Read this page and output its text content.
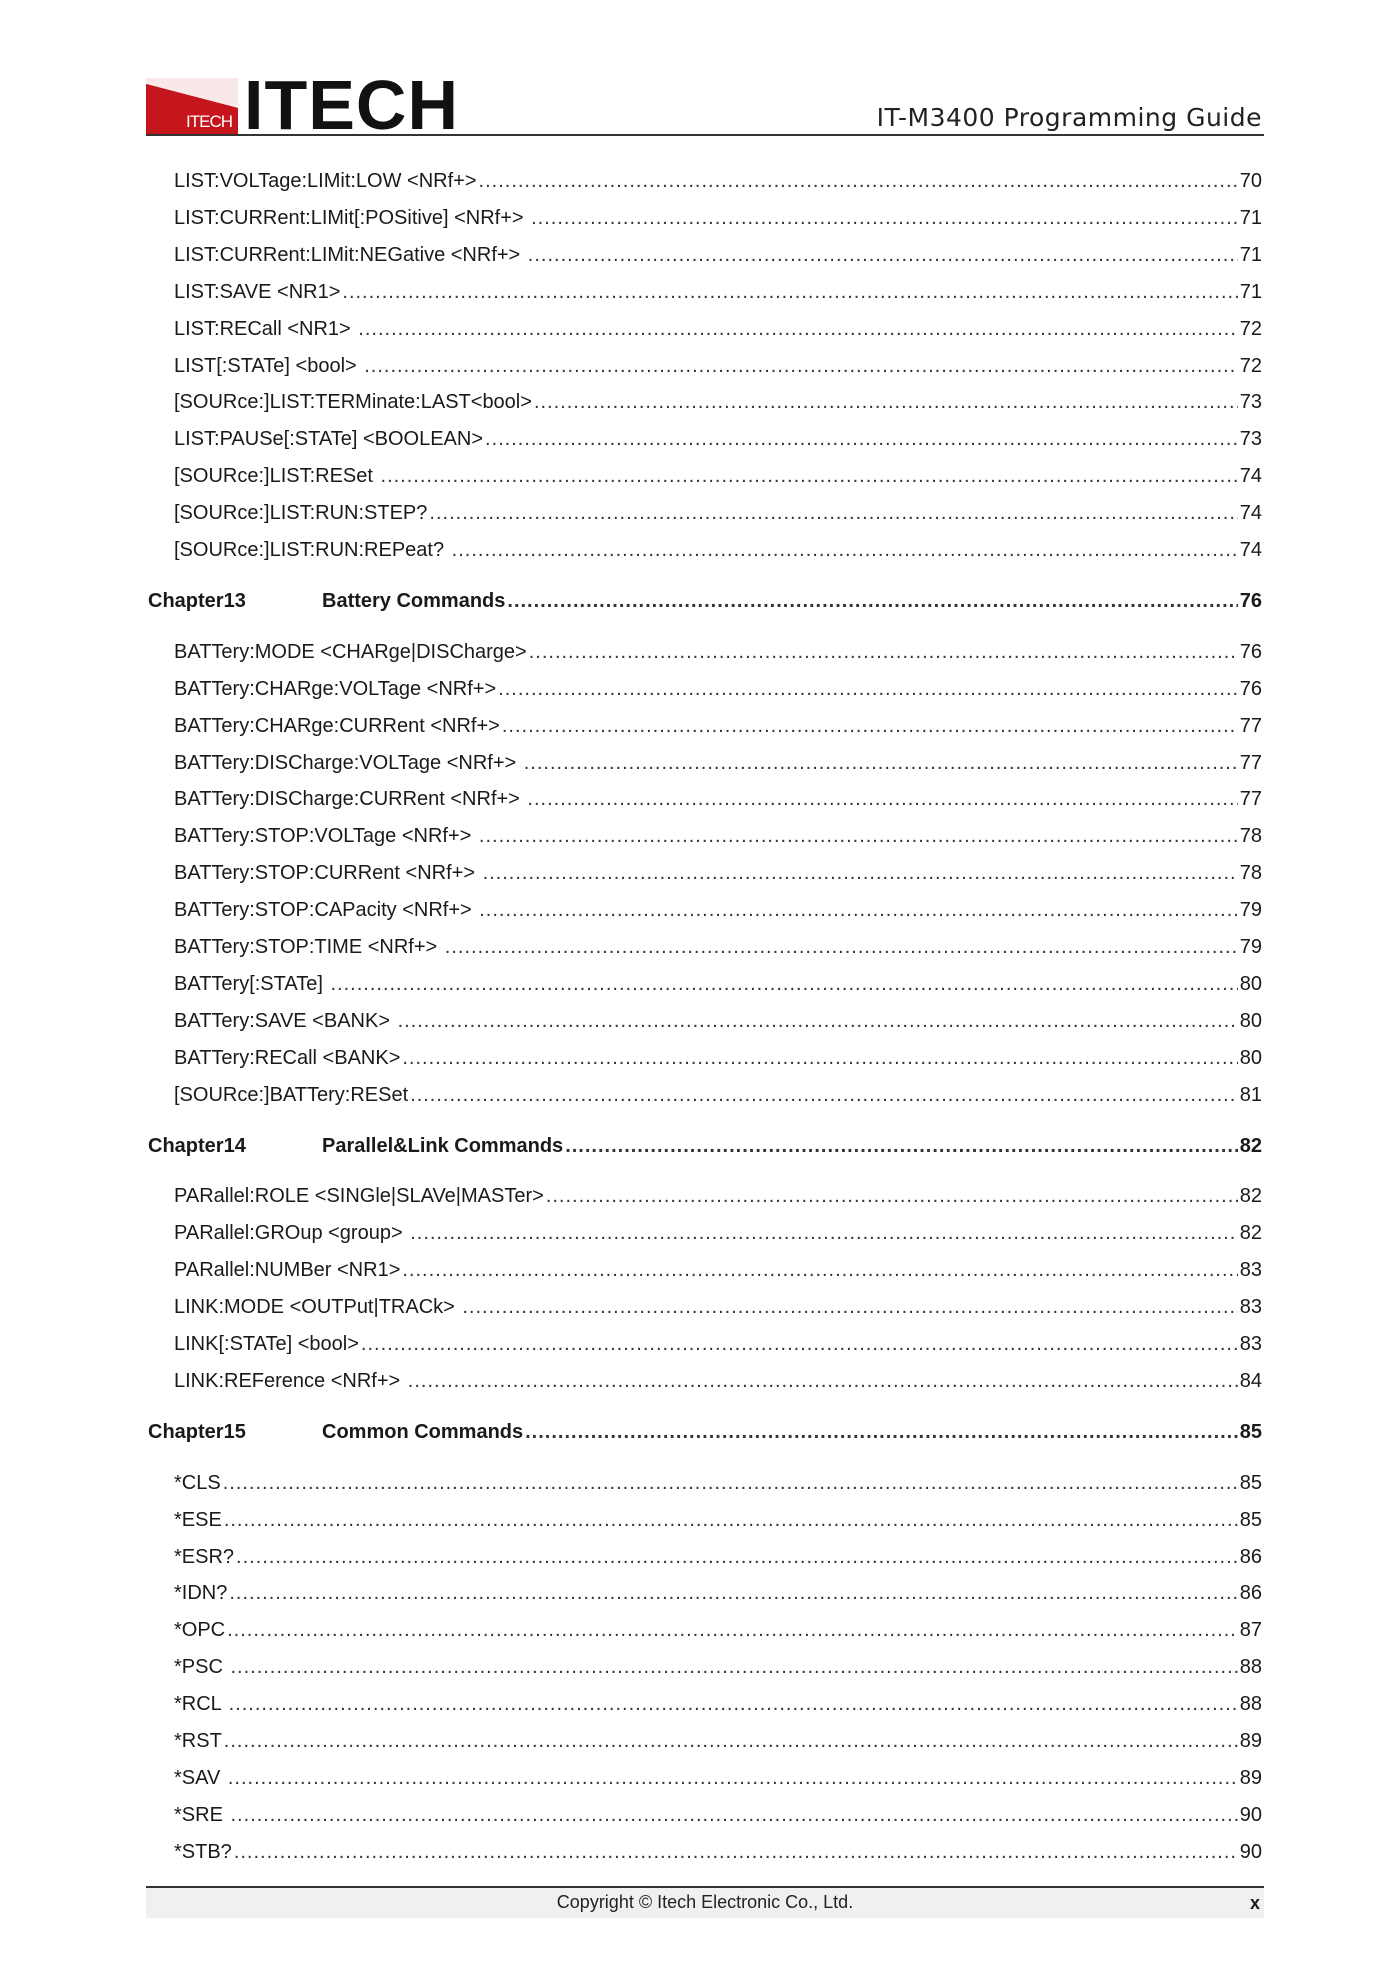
ITECH ITECH	IT-M3400 Programming Guide
LIST:VOLTage:LIMit:LOW <NRf+> .....	70
LIST:CURRent:LIMit[:POSitive] <NRf+> .....	71
LIST:CURRent:LIMit:NEGative <NRf+> .....	71
LIST:SAVE <NR1> .....	71
LIST:RECall <NR1> .....	72
LIST[:STATe] <bool> .....	72
[SOURce:]LIST:TERMinate:LAST<bool> .....	73
LIST:PAUSe[:STATe] <BOOLEAN> .....	73
[SOURce:]LIST:RESet .....	74
[SOURce:]LIST:RUN:STEP? .....	74
[SOURce:]LIST:RUN:REPeat? .....	74
Chapter13	Battery Commands .....	76
BATTery:MODE <CHARge|DISCharge> .....	76
BATTery:CHARge:VOLTage <NRf+> .....	76
BATTery:CHARge:CURRent <NRf+> .....	77
BATTery:DISCharge:VOLTage <NRf+> .....	77
BATTery:DISCharge:CURRent <NRf+> .....	77
BATTery:STOP:VOLTage <NRf+> .....	78
BATTery:STOP:CURRent <NRf+> .....	78
BATTery:STOP:CAPacity <NRf+> .....	79
BATTery:STOP:TIME <NRf+> .....	79
BATTery[:STATe] .....	80
BATTery:SAVE <BANK> .....	80
BATTery:RECall <BANK> .....	80
[SOURce:]BATTery:RESet .....	81
Chapter14	Parallel&Link Commands .....	82
PARallel:ROLE <SINGle|SLAVe|MASTer> .....	82
PARallel:GROup <group> .....	82
PARallel:NUMBer <NR1> .....	83
LINK:MODE <OUTPut|TRACk> .....	83
LINK[:STATe] <bool> .....	83
LINK:REFerence <NRf+> .....	84
Chapter15	Common Commands .....	85
*CLS .....	85
*ESE .....	85
*ESR? .....	86
*IDN? .....	86
*OPC .....	87
*PSC .....	88
*RCL .....	88
*RST .....	89
*SAV .....	89
*SRE .....	90
*STB? .....	90
Copyright © Itech Electronic Co., Ltd.	x
